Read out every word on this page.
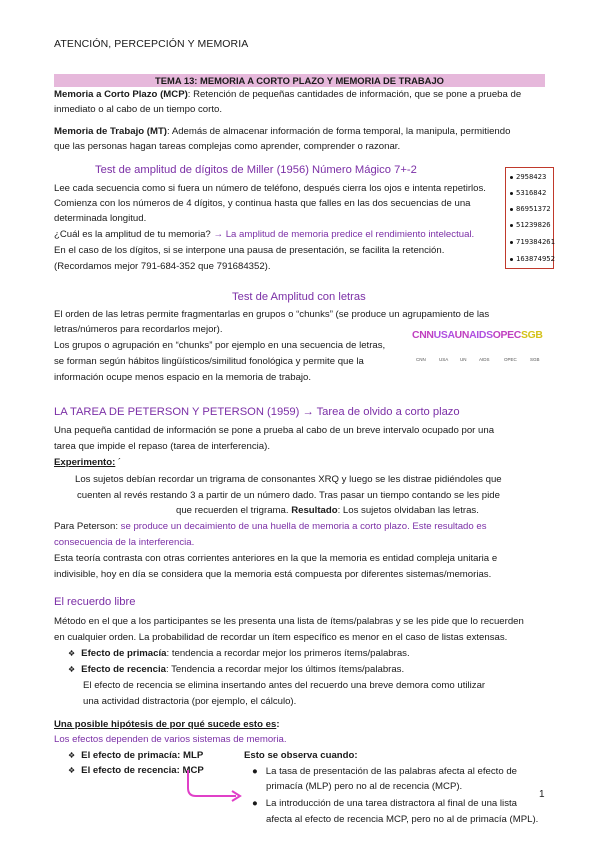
ATENCIÓN, PERCEPCIÓN Y MEMORIA
TEMA 13: MEMORIA A CORTO PLAZO Y MEMORIA DE TRABAJO
Memoria a Corto Plazo (MCP): Retención de pequeñas cantidades de información, que se pone a prueba de
inmediato o al cabo de un tiempo corto.
Memoria de Trabajo (MT): Además de almacenar información de forma temporal, la manipula, permitiendo
que las personas hagan tareas complejas como aprender, comprender o razonar.
Test de amplitud de dígitos de Miller (1956) Número Mágico 7+-2
Lee cada secuencia como si fuera un número de teléfono, después cierra los ojos e intenta repetirlos.
Comienza con los números de 4 dígitos, y continua hasta que falles en las dos secuencias de una
determinada longitud.
¿Cuál es la amplitud de tu memoria? → La amplitud de memoria predice el rendimiento intelectual.
En el caso de los dígitos, si se interpone una pausa de presentación, se facilita la retención.
(Recordamos mejor 791-684-352 que 791684352).
2958423
5316842
86951372
51239826
719384261
163874952
Test de Amplitud con letras
El orden de las letras permite fragmentarlas en grupos o “chunks” (se produce un agrupamiento de las
letras/números para recordarlos mejor).
Los grupos o agrupación en “chunks” por ejemplo en una secuencia de letras,
se forman según hábitos lingüísticos/similitud fonológica y permite que la
información ocupe menos espacio en la memoria de trabajo.
CNNUSAUNAIDSOPECSGB
CNN	USA	UN	AIDS	OPEC	SGB
LA TAREA DE PETERSON Y PETERSON (1959) → Tarea de olvido a corto plazo
Una pequeña cantidad de información se pone a prueba al cabo de un breve intervalo ocupado por una
tarea que impide el repaso (tarea de interferencia).
Experimento: ´
Los sujetos debían recordar un trigrama de consonantes XRQ y luego se les distrae pidiéndoles que
cuenten al revés restando 3 a partir de un número dado. Tras pasar un tiempo contando se les pide
que recuerden el trigrama. Resultado: Los sujetos olvidaban las letras.
Para Peterson: se produce un decaimiento de una huella de memoria a corto plazo. Este resultado es
consecuencia de la interferencia.
Esta teoría contrasta con otras corrientes anteriores en la que la memoria es entidad compleja unitaria e
indivisible, hoy en día se considera que la memoria está compuesta por diferentes sistemas/memorias.
El recuerdo libre
Método en el que a los participantes se les presenta una lista de ítems/palabras y se les pide que lo recuerden
en cualquier orden. La probabilidad de recordar un ítem específico es menor en el caso de listas extensas.
❖ Efecto de primacía: tendencia a recordar mejor los primeros ítems/palabras.
❖ Efecto de recencia: Tendencia a recordar mejor los últimos ítems/palabras.
El efecto de recencia se elimina insertando antes del recuerdo una breve demora como utilizar
una actividad distractoria (por ejemplo, el cálculo).
Una posible hipótesis de por qué sucede esto es:
Los efectos dependen de varios sistemas de memoria.
❖ El efecto de primacía: MLP
❖ El efecto de recencia: MCP
Esto se observa cuando:
● La tasa de presentación de las palabras afecta al efecto de
primacía (MLP) pero no al de recencia (MCP).
● La introducción de una tarea distractora al final de una lista
afecta al efecto de recencia MCP, pero no al de primacía (MPL).
1
